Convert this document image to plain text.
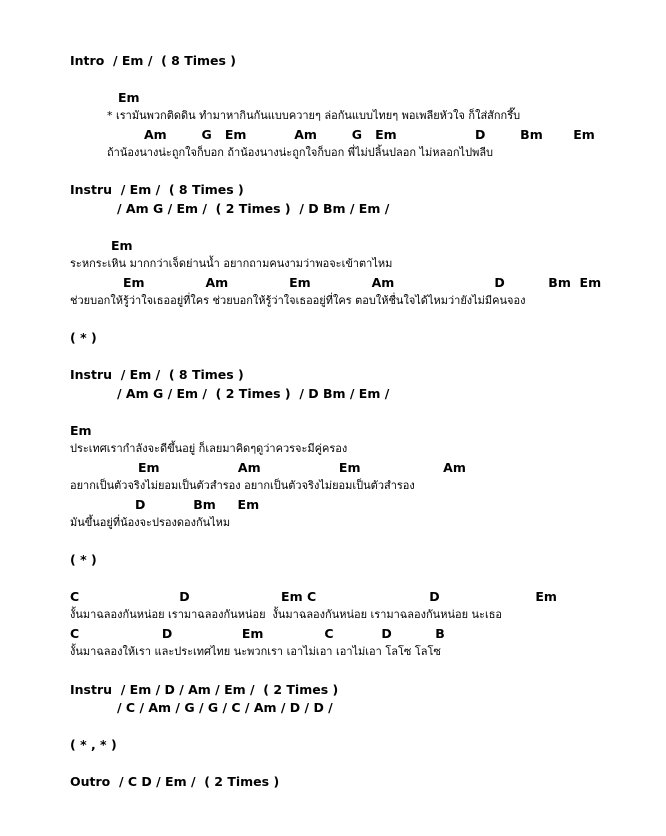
Intro  / Em /  ( 8 Times )
Em
* เรามันพวกติดดิน ทำมาหากินกันแบบควายๆ ล่อกันแบบไทยๆ พอเพลียหัวใจ ก็ใส่สักกรึ๊บ
Am        G   Em           Am        G   Em                  D        Bm       Em
ถ้าน้องนางน่ะถูกใจก็บอก ถ้าน้องนางน่ะถูกใจก็บอก พี่ไม่ปลิ้นปลอก ไม่หลอกไปพลีบ
Instru  / Em /  ( 8 Times )
/ Am G / Em /  ( 2 Times )  / D Bm / Em /
Em
ระหกระเหิน มากกว่าเจ็ดย่านน้ำ อยากถามคนงามว่าพอจะเข้าตาไหม
Em              Am              Em              Am                       D          Bm  Em
ช่วยบอกให้รู้ว่าใจเธออยู่ที่ใคร ช่วยบอกให้รู้ว่าใจเธออยู่ที่ใคร ตอบให้ชื่นใจได้ไหมว่ายังไม่มีคนจอง
( * )
Instru  / Em /  ( 8 Times )
/ Am G / Em /  ( 2 Times )  / D Bm / Em /
Em
ประเทศเรากำลังจะดีขึ้นอยู่ ก็เลยมาคิดๆดูว่าควรจะมีคู่ครอง
Em                  Am                  Em                   Am
อยากเป็นตัวจริงไม่ยอมเป็นตัวสำรอง อยากเป็นตัวจริงไม่ยอมเป็นตัวสำรอง
D           Bm     Em
มันขึ้นอยู่ที่น้องจะปรองดองกันไหม
( * )
C                       D                     Em C                          D                      Em
งั้นมาฉลองกันหน่อย เรามาฉลองกันหน่อย  งั้นมาฉลองกันหน่อย เรามาฉลองกันหน่อย นะเธอ
C                   D                Em              C           D          B
งั้นมาฉลองให้เรา และประเทศไทย นะพวกเรา เอาไม่เอา เอาไม่เอา โลโซ โลโซ
Instru  / Em / D / Am / Em /  ( 2 Times )
/ C / Am / G / G / C / Am / D / D /
( * , * )
Outro  / C D / Em /  ( 2 Times )
